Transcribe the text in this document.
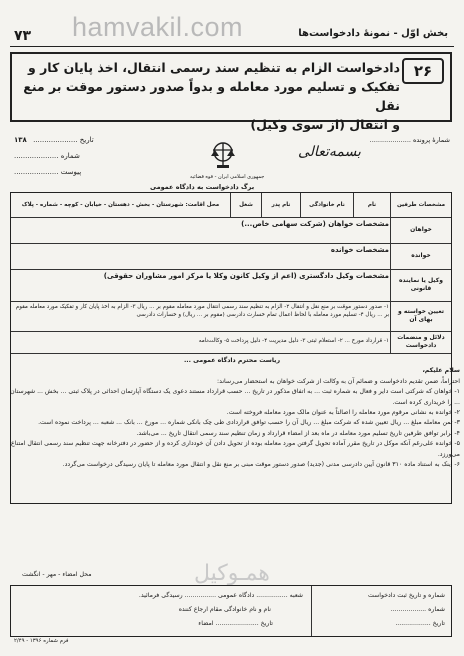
hamvakil.com
۷۳	بخش اوّل - نمونهٔ دادخواست‌ها
۲۶
دادخواست الزام به تنظیم سند رسمی انتقال، اخذ پایان کار و
تفکیک و تسلیم مورد معامله و بدواً صدور دستور موقت بر منع نقل
و انتقال (از سوی وکیل)
جمهوری اسلامی ایران - قوه قضائیه
بسمه‌تعالی
تاریخ .................... ۱۳۸
شماره ....................
پیوست ....................
شمارهٔ پرونده ....................
برگ دادخواست به دادگاه عمومی
مشخصات طرفین
نام
نام خانوادگی
نام پدر
شغل
محل اقامت: شهرستان - بخش - دهستان - خیابان - کوچه - شماره - پلاک
خواهان
مشخصات خواهان (شرکت سهامی خاص...)
خوانده
مشخصات خوانده
وکیل یا نماینده قانونی
مشخصات وکیل دادگستری (اعم از وکیل کانون وکلا یا مرکز امور مشاوران حقوقی)
تعیین خواسته و بهای آن
۱- صدور دستور موقت بر منع نقل و انتقال ۲- الزام به تنظیم سند رسمی انتقال مورد معامله مقوم بر ... ریال ۳- الزام به اخذ پایان کار و تفکیک مورد معامله مقوم بر ... ریال ۴- تسلیم مورد معامله با لحاظ اعمال تمام خسارت دادرسی (مقوم بر ... ریال) و خسارات دادرسی
دلائل و منضمات دادخواست
۱- قرارداد مورخ ... ۲- استعلام ثبتی ۳- دلیل مدیریت ۴- دلیل پرداخت ۵- وکالت‌نامه

ریاست محترم دادگاه عمومی ...

سلام علیکم،

احتراماً، ضمن تقدیم دادخواست و ضمائم آن به وکالت از شرکت خواهان به استحضار می‌رساند:

۱- خواهان که شرکتی است دایر و فعال به شماره ثبت ... به اتفاق مذکور در تاریخ ... حسب قرارداد مستند دعوی یک دستگاه آپارتمان احداثی در پلاک ثبتی ... بخش ... شهرستان ... را خریداری کرده است.

۲- خوانده به نشانی مرقوم مورد معامله را اصالتاً به عنوان مالک مورد معامله فروخته است.

۳- ثمن معامله مبلغ ... ریال تعیین شده که شرکت مبلغ ... ریال آن را حسب توافق قراردادی طی چک بانکی شماره ... مورخ ... بانک ... شعبه ... پرداخت نموده است.

۴- برابر توافق طرفین تاریخ تسلیم مورد معامله در ماه بعد از امضاء قرارداد و زمان تنظیم سند رسمی انتقال تاریخ ... می‌باشد.

۵- خوانده علی‌رغم آنکه موکل در تاریخ مقرر آماده تحویل گرفتن مورد معامله بوده از تحویل دادن آن خودداری کرده و از حضور در دفترخانه جهت تنظیم سند رسمی انتقال امتناع می‌ورزد.

۶- اینک به استناد ماده ۳۱۰ قانون آیین دادرسی مدنی (جدید) صدور دستور موقت مبنی بر منع نقل و انتقال مورد معامله تا پایان رسیدگی درخواست می‌گردد.

محل امضاء - مهر - انگشت	همـوکیل
شعبه ................ دادگاه عمومی ................ رسیدگی فرمائید.
نام و نام خانوادگی مقام ارجاع کننده
تاریخ ...................... امضاء
شماره و تاریخ ثبت دادخواست
شماره ..................
تاریخ ..................
فرم شماره ۱۳۹۶ - ۲/۴۹
